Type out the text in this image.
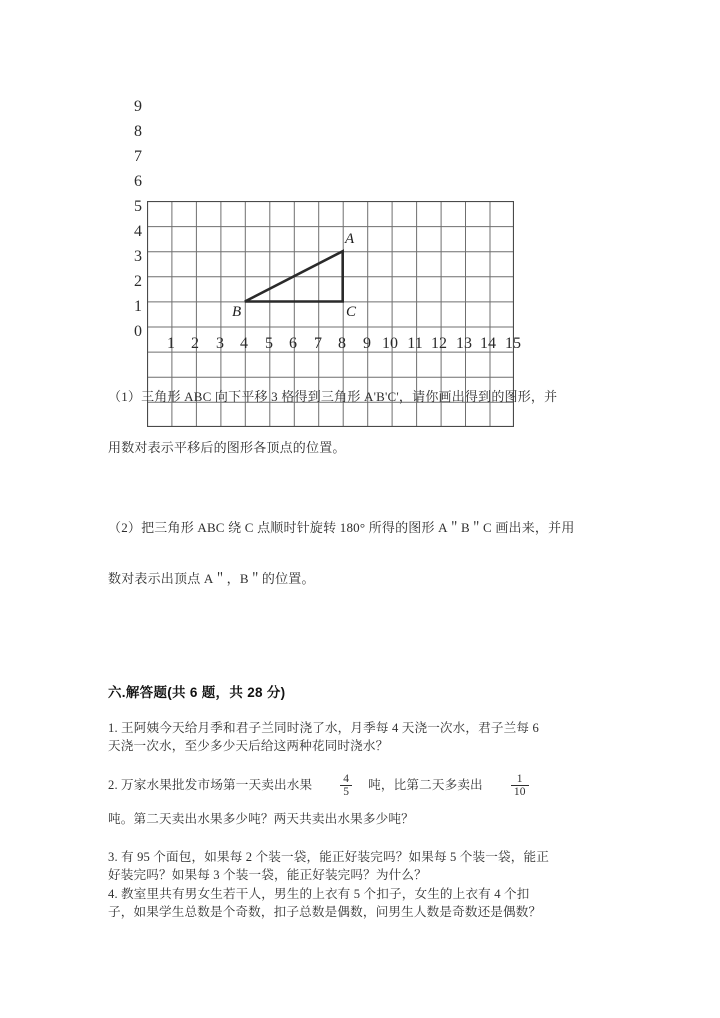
A
B	C
9
8
7
6
5
4
3
2
1
0
1	2	3	4	5	6	7	8	9 10 11 12 13 14 15
（1）三角形 ABC 向下平移 3 格得到三角形 A'B'C'，请你画出得到的图形，并
用数对表示平移后的图形各顶点的位置。
（2）把三角形 ABC 绕 C 点顺时针旋转 180° 所得的图形 A＂B＂C 画出来，并用
数对表示出顶点 A＂，B＂的位置。
六.解答题(共 6 题，共 28 分)
1. 王阿姨今天给月季和君子兰同时浇了水，月季每 4 天浇一次水，君子兰每 6
天浇一次水，至少多少天后给这两种花同时浇水？
2. 万家水果批发市场第一天卖出水果 $\frac{4}{5}$ 吨，比第二天多卖出 $\frac{1}{10}$
吨。第二天卖出水果多少吨？两天共卖出水果多少吨？
3. 有 95 个面包，如果每 2 个装一袋，能正好装完吗？如果每 5 个装一袋，能正
好装完吗？如果每 3 个装一袋，能正好装完吗？为什么？
4. 教室里共有男女生若干人，男生的上衣有 5 个扣子，女生的上衣有 4 个扣
子，如果学生总数是个奇数，扣子总数是偶数，问男生人数是奇数还是偶数？
